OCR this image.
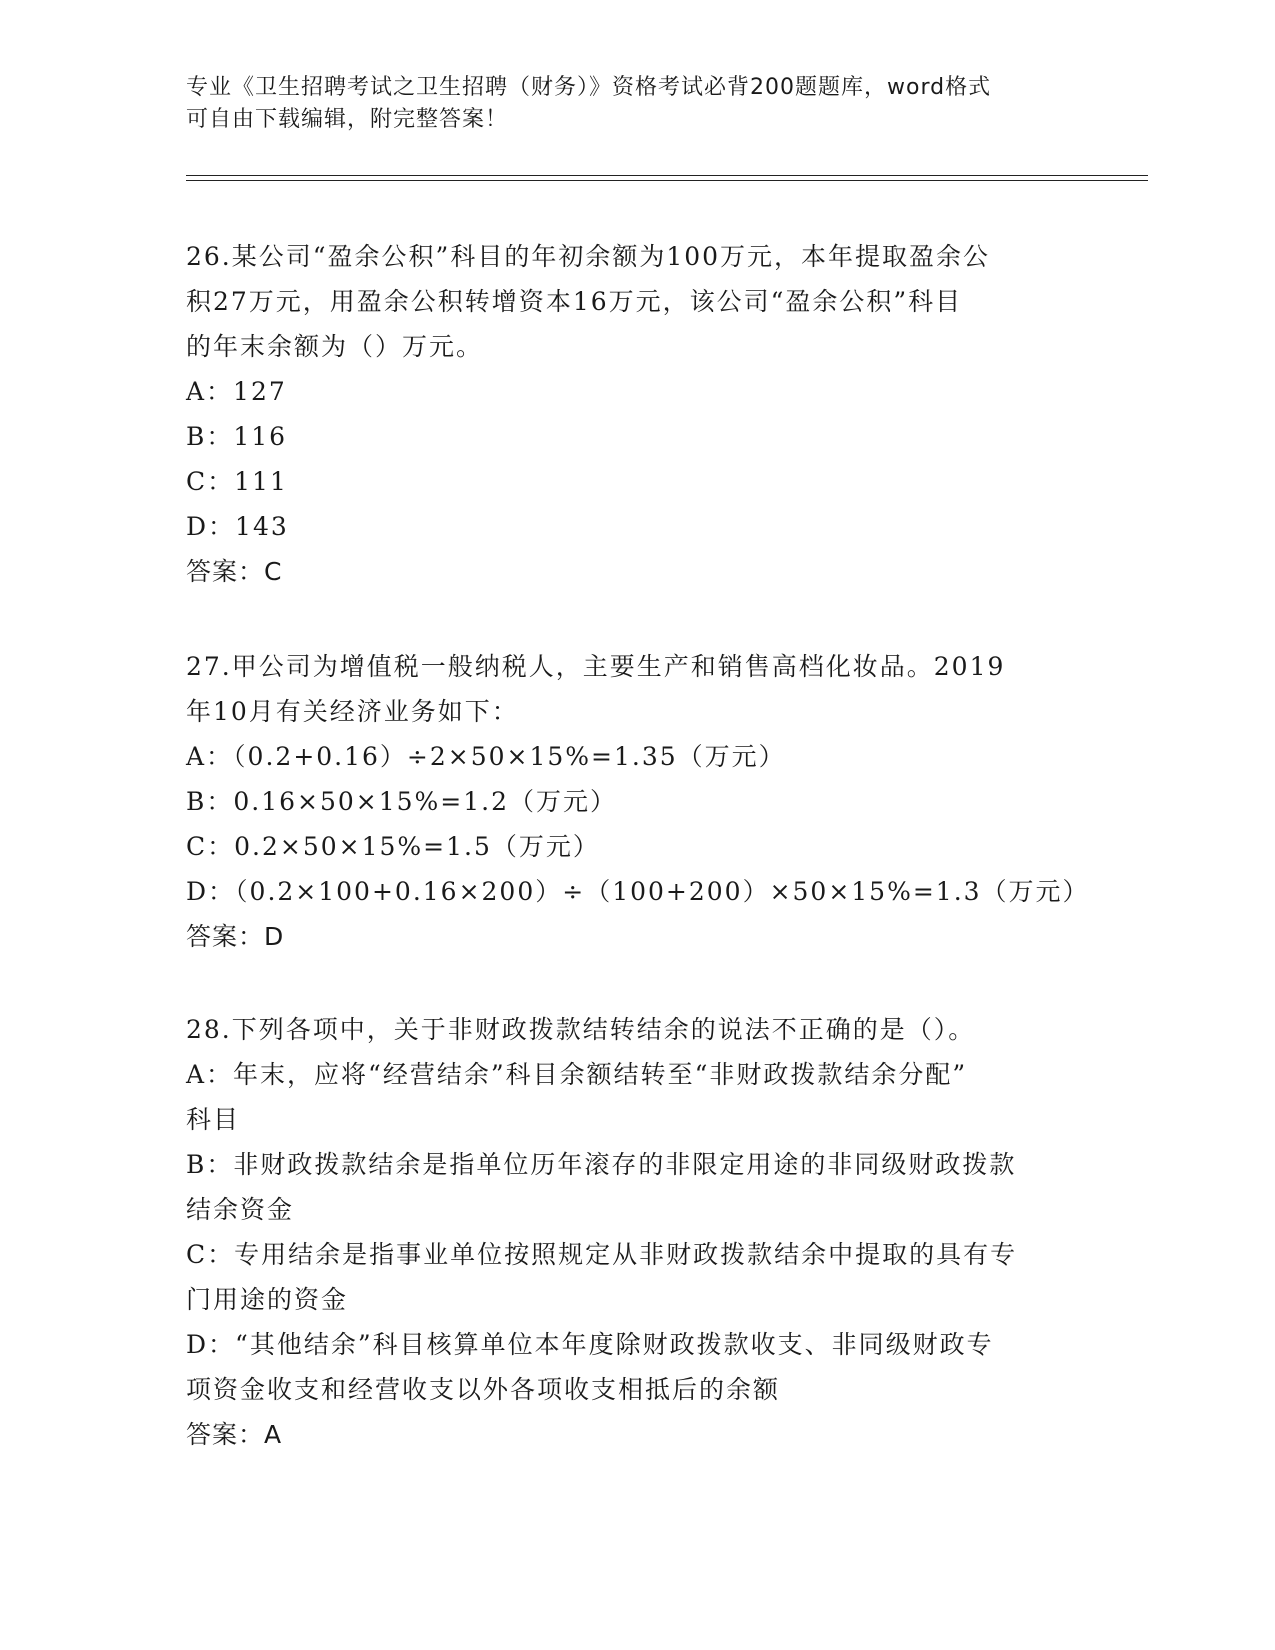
专业《卫生招聘考试之卫生招聘（财务）》资格考试必背200题题库，word格式
可自由下载编辑，附完整答案！
26.某公司“盈余公积”科目的年初余额为100万元，本年提取盈余公
积27万元，用盈余公积转增资本16万元，该公司“盈余公积”科目
的年末余额为（）万元。
A：127
B：116
C：111
D：143
答案：C
27.甲公司为增值税一般纳税人，主要生产和销售高档化妆品。2019
年10月有关经济业务如下：
A：（0.2+0.16）÷2×50×15%=1.35（万元）
B：0.16×50×15%=1.2（万元）
C：0.2×50×15%=1.5（万元）
D：（0.2×100+0.16×200）÷（100+200）×50×15%=1.3（万元）
答案：D
28.下列各项中，关于非财政拨款结转结余的说法不正确的是（）。
A：年末，应将“经营结余”科目余额结转至“非财政拨款结余分配”
科目
B：非财政拨款结余是指单位历年滚存的非限定用途的非同级财政拨款
结余资金
C：专用结余是指事业单位按照规定从非财政拨款结余中提取的具有专
门用途的资金
D：“其他结余”科目核算单位本年度除财政拨款收支、非同级财政专
项资金收支和经营收支以外各项收支相抵后的余额
答案：A
